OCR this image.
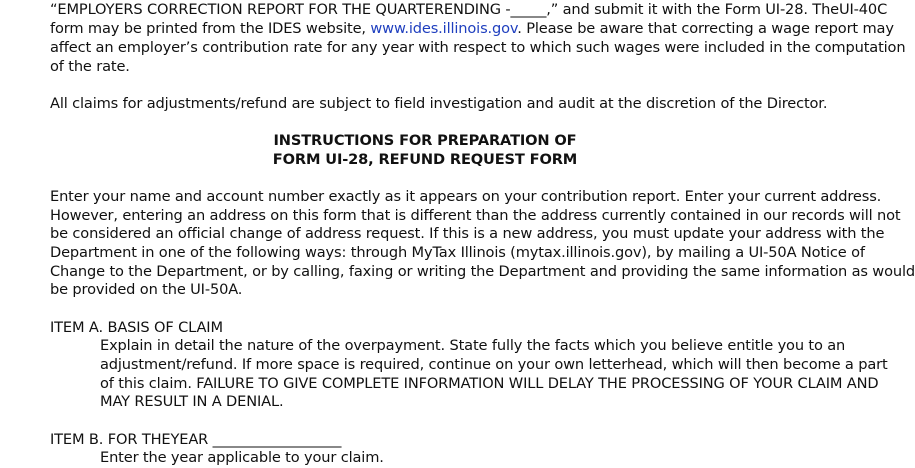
“EMPLOYERS CORRECTION REPORT FOR THE QUARTERENDING -_____,” and submit it with the Form UI-28. TheUI-40C
form may be printed from the IDES website, www.ides.illinois.gov. Please be aware that correcting a wage report may
affect an employer’s contribution rate for any year with respect to which such wages were included in the computation
of the rate.
All claims for adjustments/refund are subject to field investigation and audit at the discretion of the Director.
INSTRUCTIONS FOR PREPARATION OF
FORM UI-28, REFUND REQUEST FORM
Enter your name and account number exactly as it appears on your contribution report. Enter your current address.
However, entering an address on this form that is different than the address currently contained in our records will not
be considered an official change of address request. If this is a new address, you must update your address with the
Department in one of the following ways: through MyTax Illinois (mytax.illinois.gov), by mailing a UI-50A Notice of
Change to the Department, or by calling, faxing or writing the Department and providing the same information as would
be provided on the UI-50A.
ITEM A. BASIS OF CLAIM
Explain in detail the nature of the overpayment. State fully the facts which you believe entitle you to an
adjustment/refund. If more space is required, continue on your own letterhead, which will then become a part
of this claim. FAILURE TO GIVE COMPLETE INFORMATION WILL DELAY THE PROCESSING OF YOUR CLAIM AND
MAY RESULT IN A DENIAL.
ITEM B. FOR THEYEAR __________________
Enter the year applicable to your claim.
